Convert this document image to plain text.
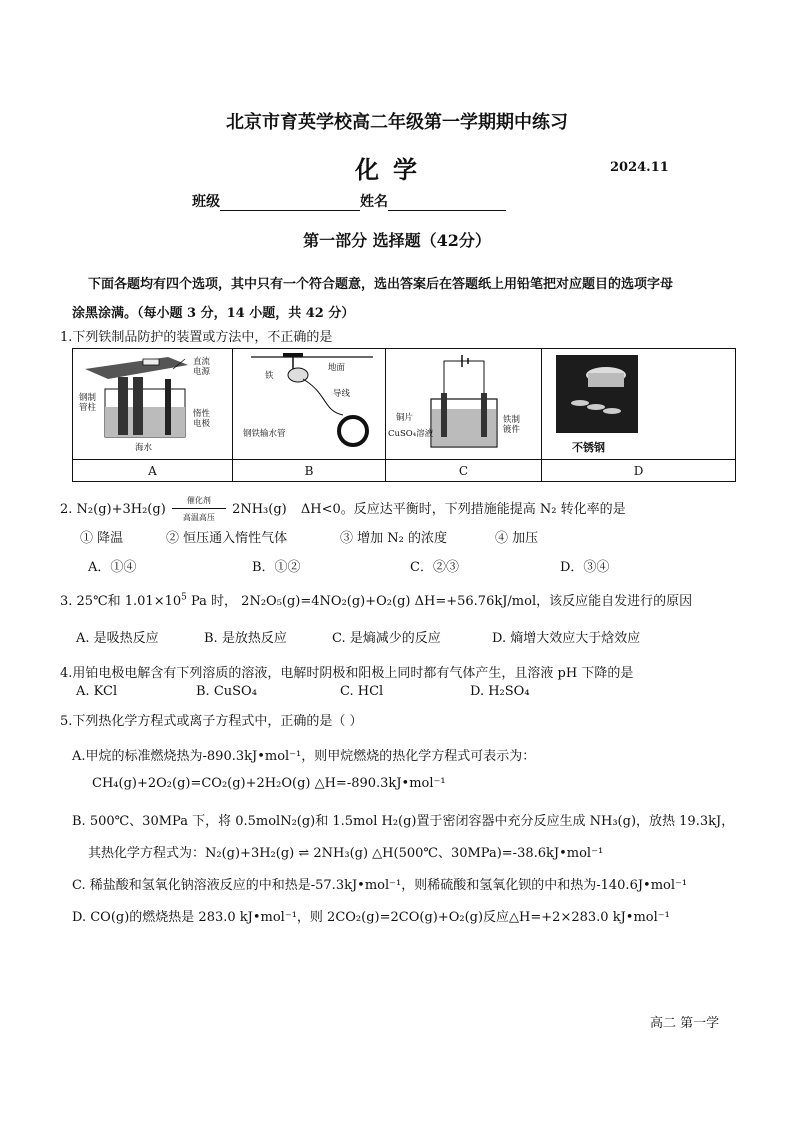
北京市育英学校高二年级第一学期期中练习
化学	2024.11
班级	姓名
第一部分 选择题（42分）
下面各题均有四个选项，其中只有一个符合题意，选出答案后在答题纸上用铅笔把对应题目的选项字母
涂黑涂满。（每小题 3 分，14 小题，共 42 分）
1.下列铁制品防护的装置或方法中，不正确的是
直流
电源
钢制
管柱
惰性
电极
海水
地面
铁
导线
钢铁输水管
铜片
CuSO₄溶液
铁制
镀件
不锈钢
A	B	C	D
2. N₂(g)+3H₂(g)
催化剂
高温高压	2NH₃(g) ΔH<0。反应达平衡时，下列措施能提高 N₂ 转化率的是
① 降温	② 恒压通入惰性气体	③ 增加 N₂ 的浓度	④ 加压
A．①④	B．①②	C．②③	D．③④
3. 25℃和 $1.01\times 10^5$ Pa 时， 2N₂O₅(g)=4NO₂(g)+O₂(g) ΔH=+56.76kJ/mol，该反应能自发进行的原因
A. 是吸热反应	B. 是放热反应	C. 是熵减少的反应	D. 熵增大效应大于焓效应
4.用铂电极电解含有下列溶质的溶液，电解时阴极和阳极上同时都有气体产生，且溶液 pH 下降的是
A. KCl	B. CuSO₄	C. HCl	D. H₂SO₄
5.下列热化学方程式或离子方程式中，正确的是（ ）
A.甲烷的标准燃烧热为-890.3kJ•mol⁻¹，则甲烷燃烧的热化学方程式可表示为：
CH₄(g)+2O₂(g)=CO₂(g)+2H₂O(g) △H=-890.3kJ•mol⁻¹
B. 500℃、30MPa 下，将 0.5molN₂(g)和 1.5mol H₂(g)置于密闭容器中充分反应生成 NH₃(g)，放热 19.3kJ，
其热化学方程式为：N₂(g)+3H₂(g) ⇌ 2NH₃(g) △H(500℃、30MPa)=-38.6kJ•mol⁻¹
C. 稀盐酸和氢氧化钠溶液反应的中和热是-57.3kJ•mol⁻¹，则稀硫酸和氢氧化钡的中和热为-140.6J•mol⁻¹
D. CO(g)的燃烧热是 283.0 kJ•mol⁻¹，则 2CO₂(g)=2CO(g)+O₂(g)反应△H=+2×283.0 kJ•mol⁻¹
高二 第一学
